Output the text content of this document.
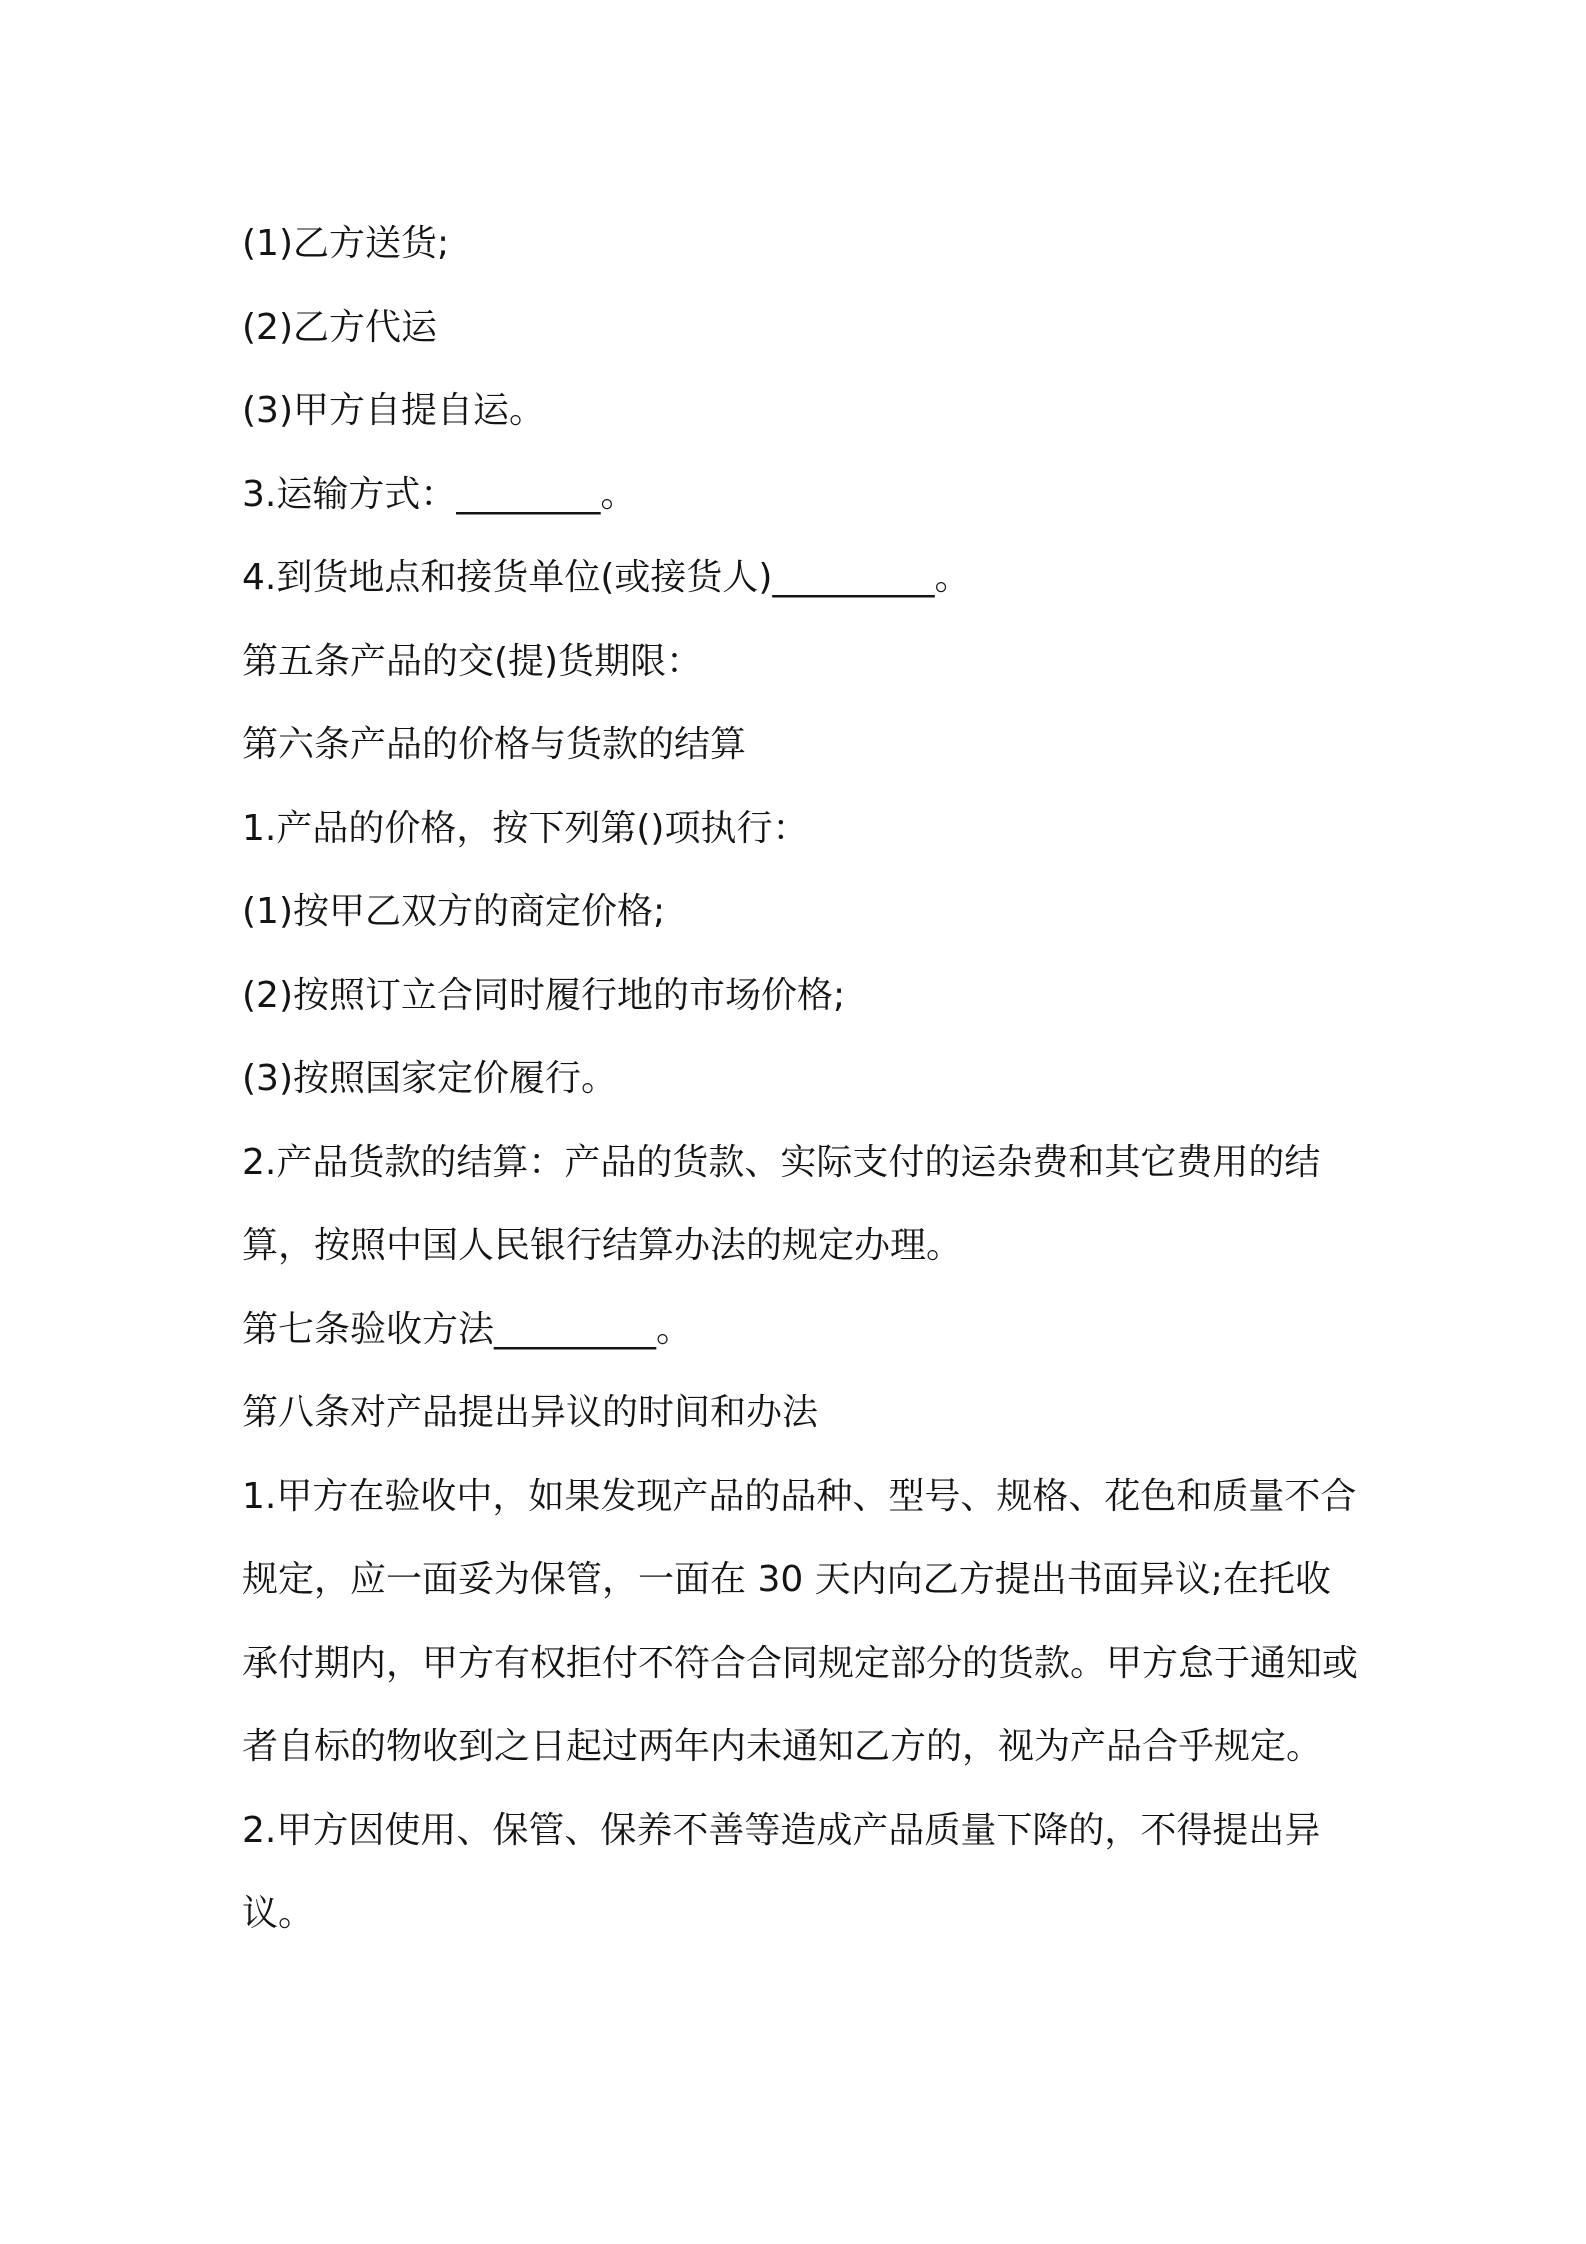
(1)乙方送货;

(2)乙方代运

(3)甲方自提自运。

3.运输方式：________。

4.到货地点和接货单位(或接货人)_________。

第五条产品的交(提)货期限：

第六条产品的价格与货款的结算

1.产品的价格，按下列第()项执行：

(1)按甲乙双方的商定价格;

(2)按照订立合同时履行地的市场价格;

(3)按照国家定价履行。

2.产品货款的结算：产品的货款、实际支付的运杂费和其它费用的结算，按照中国人民银行结算办法的规定办理。

第七条验收方法_________。

第八条对产品提出异议的时间和办法

1.甲方在验收中，如果发现产品的品种、型号、规格、花色和质量不合规定，应一面妥为保管，一面在 30 天内向乙方提出书面异议;在托收承付期内，甲方有权拒付不符合合同规定部分的货款。甲方怠于通知或者自标的物收到之日起过两年内未通知乙方的，视为产品合乎规定。

2.甲方因使用、保管、保养不善等造成产品质量下降的，不得提出异议。
